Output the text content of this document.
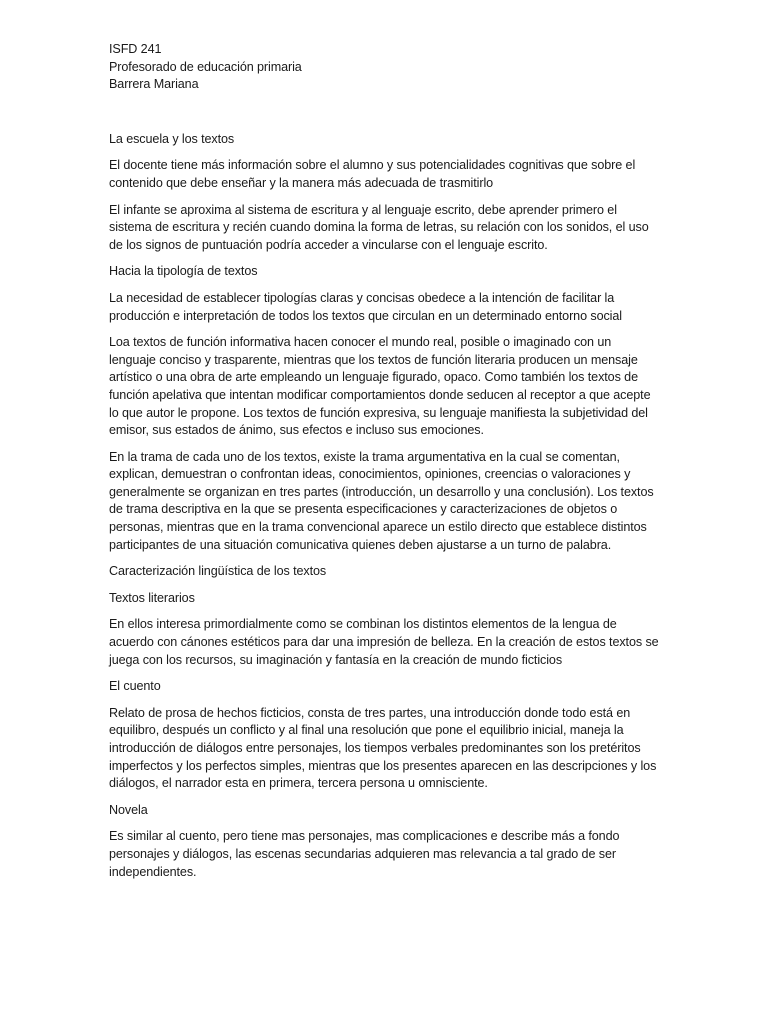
ISFD 241
Profesorado de educación primaria
Barrera Mariana
La escuela y los textos

El docente tiene más información sobre el alumno y sus potencialidades cognitivas que sobre el contenido que debe enseñar y la manera más adecuada de trasmitirlo

El infante se aproxima al sistema de escritura y al lenguaje escrito, debe aprender primero el sistema de escritura y recién cuando domina la forma de letras, su relación con los sonidos, el uso de los signos de puntuación podría acceder a vincularse con el lenguaje escrito.

Hacia la tipología de textos

La necesidad de establecer tipologías claras y concisas obedece a la intención de facilitar la producción e interpretación de todos los textos que circulan en un determinado entorno social

Loa textos de función informativa hacen conocer el mundo real, posible o imaginado con un lenguaje conciso y trasparente, mientras que los textos de función literaria producen un mensaje artístico o una obra de arte empleando un lenguaje figurado, opaco. Como también los textos de función apelativa que intentan modificar comportamientos donde seducen al receptor a que acepte lo que autor le propone. Los textos de función expresiva, su lenguaje manifiesta la subjetividad del emisor, sus estados de ánimo, sus efectos e incluso sus emociones.

En la trama de cada uno de los textos, existe la trama argumentativa en la cual se comentan, explican, demuestran o confrontan ideas, conocimientos, opiniones, creencias o valoraciones y generalmente se organizan en tres partes (introducción, un desarrollo y una conclusión). Los textos de trama descriptiva en la que se presenta especificaciones y caracterizaciones de objetos o personas, mientras que en la trama convencional aparece un estilo directo que establece distintos participantes de una situación comunicativa quienes deben ajustarse a un turno de palabra.

Caracterización lingüística de los textos
Textos literarios

En ellos interesa primordialmente como se combinan los distintos elementos de la lengua de acuerdo con cánones estéticos para dar una impresión de belleza. En la creación de estos textos se juega con los recursos, su imaginación y fantasía en la creación de mundo ficticios

El cuento

Relato de prosa de hechos ficticios, consta de tres partes, una introducción donde todo está en equilibro, después un conflicto y al final una resolución que pone el equilibrio inicial, maneja la introducción de diálogos entre personajes, los tiempos verbales predominantes son los pretéritos imperfectos y los perfectos simples, mientras que los presentes aparecen en las descripciones y los diálogos, el narrador esta en primera, tercera persona u omnisciente.

Novela

Es similar al cuento, pero tiene mas personajes, mas complicaciones e describe más a fondo personajes y diálogos, las escenas secundarias adquieren mas relevancia a tal grado de ser independientes.
